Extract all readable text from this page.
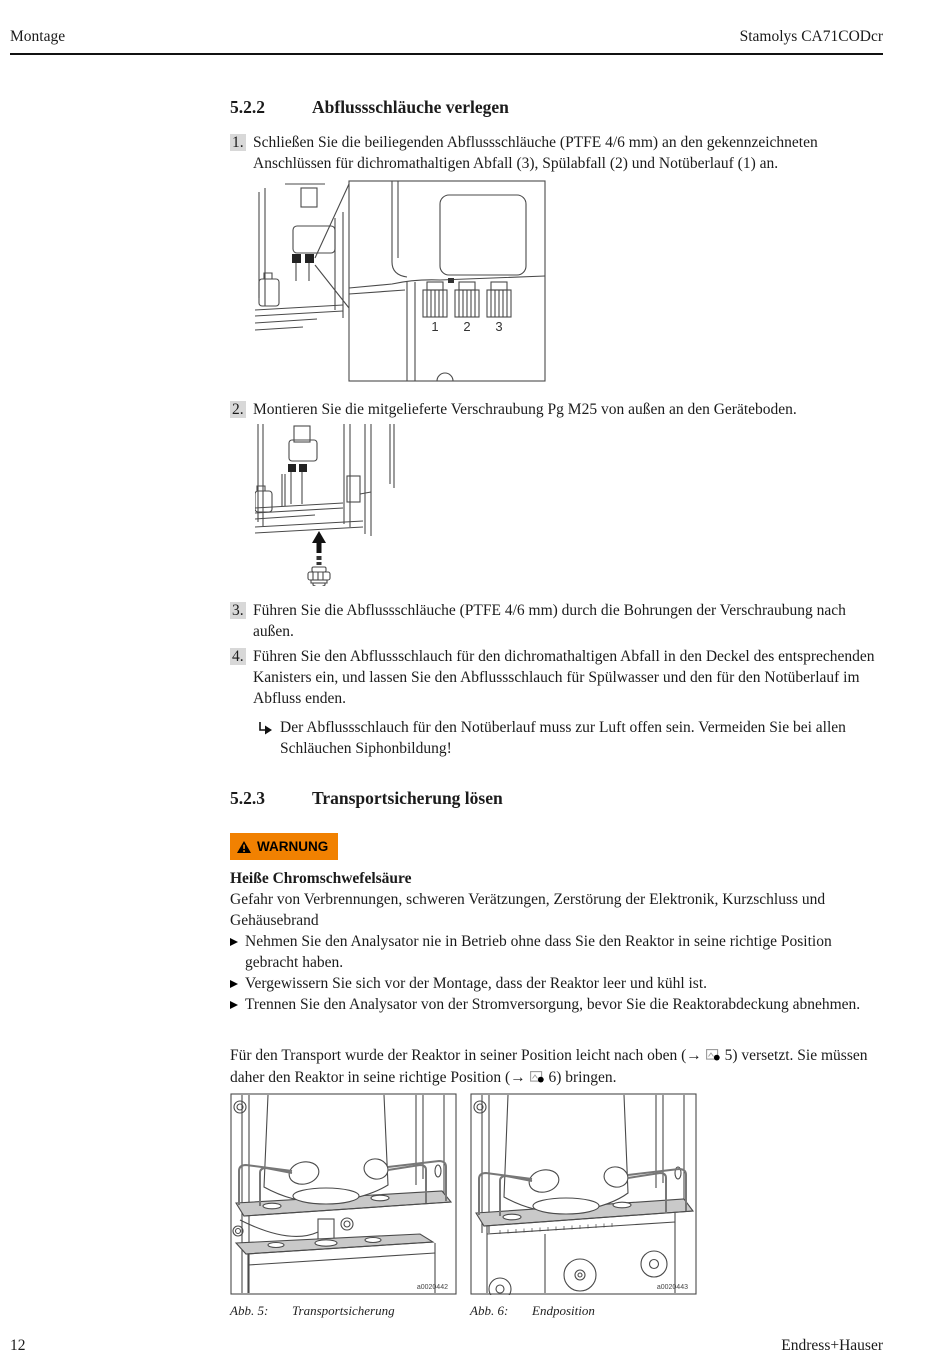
Montage	Stamolys CA71CODcr
5.2.2	Abflussschläuche verlegen
1. Schließen Sie die beiliegenden Abflussschläuche (PTFE 4/6 mm) an den gekennzeichneten Anschlüssen für dichromathaltigen Abfall (3), Spülabfall (2) und Notüberlauf (1) an.
1 2 3
2. Montieren Sie die mitgelieferte Verschraubung Pg M25 von außen an den Geräteboden.
3. Führen Sie die Abflussschläuche (PTFE 4/6 mm) durch die Bohrungen der Verschraubung nach außen.
4. Führen Sie den Abflussschlauch für den dichromathaltigen Abfall in den Deckel des entsprechenden Kanisters ein, und lassen Sie den Abflussschlauch für Spülwasser und den für den Notüberlauf im Abfluss enden.
Der Abflussschlauch für den Notüberlauf muss zur Luft offen sein. Vermeiden Sie bei allen Schläuchen Siphonbildung!
5.2.3	Transportsicherung lösen
WARNUNG
Heiße Chromschwefelsäure

Gefahr von Verbrennungen, schweren Verätzungen, Zerstörung der Elektronik, Kurzschluss und Gehäusebrand

Nehmen Sie den Analysator nie in Betrieb ohne dass Sie den Reaktor in seine richtige Position gebracht haben.
Vergewissern Sie sich vor der Montage, dass der Reaktor leer und kühl ist.
Trennen Sie den Analysator von der Stromversorgung, bevor Sie die Reaktorabdeckung abnehmen.

Für den Transport wurde der Reaktor in seiner Position leicht nach oben (→  5) versetzt. Sie müssen daher den Reaktor in seine richtige Position (→  6) bringen.

a0020442	a0020443
Abb. 5:	Transportsicherung	Abb. 6:	Endposition
12	Endress+Hauser
